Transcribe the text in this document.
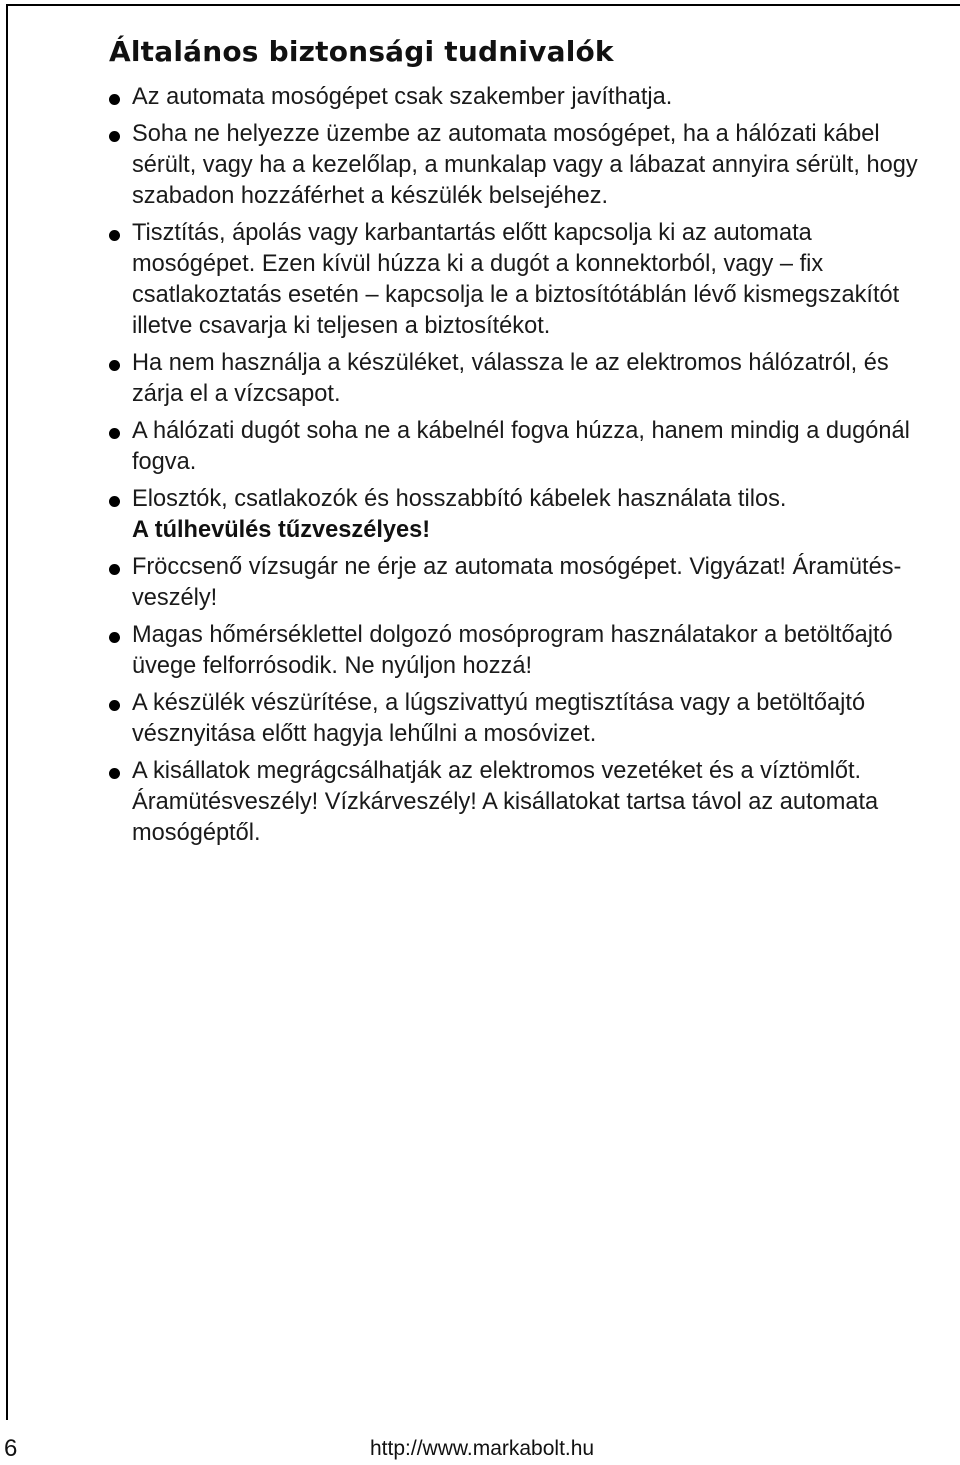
Általános biztonsági tudnivalók
Az automata mosógépet csak szakember javíthatja.
Soha ne helyezze üzembe az automata mosógépet, ha a hálózati kábel sérült, vagy ha a kezelőlap, a munkalap vagy a lábazat annyira sérült, hogy szabadon hozzáférhet a készülék belsejéhez.
Tisztítás, ápolás vagy karbantartás előtt kapcsolja ki az automata mosógépet. Ezen kívül húzza ki a dugót a konnektorból, vagy – fix csatlakoztatás esetén – kapcsolja le a biztosítótáblán lévő kismegszakítót illetve csavarja ki teljesen a biztosítékot.
Ha nem használja a készüléket, válassza le az elektromos hálózatról, és zárja el a vízcsapot.
A hálózati dugót soha ne a kábelnél fogva húzza, hanem mindig a dugónál fogva.
Elosztók, csatlakozók és hosszabbító kábelek használata tilos.
A túlhevülés tűzveszélyes!
Fröccsenő vízsugár ne érje az automata mosógépet. Vigyázat! Áramütés-veszély!
Magas hőmérséklettel dolgozó mosóprogram használatakor a betöltőajtó üvege felforrósodik. Ne nyúljon hozzá!
A készülék vészürítése, a lúgszivattyú megtisztítása vagy a betöltőajtó vésznyitása előtt hagyja lehűlni a mosóvizet.
A kisállatok megrágcsálhatják az elektromos vezetéket és a víztömlőt. Áramütésveszély! Vízkárveszély! A kisállatokat tartsa távol az automata mosógéptől.
6	http://www.markabolt.hu
